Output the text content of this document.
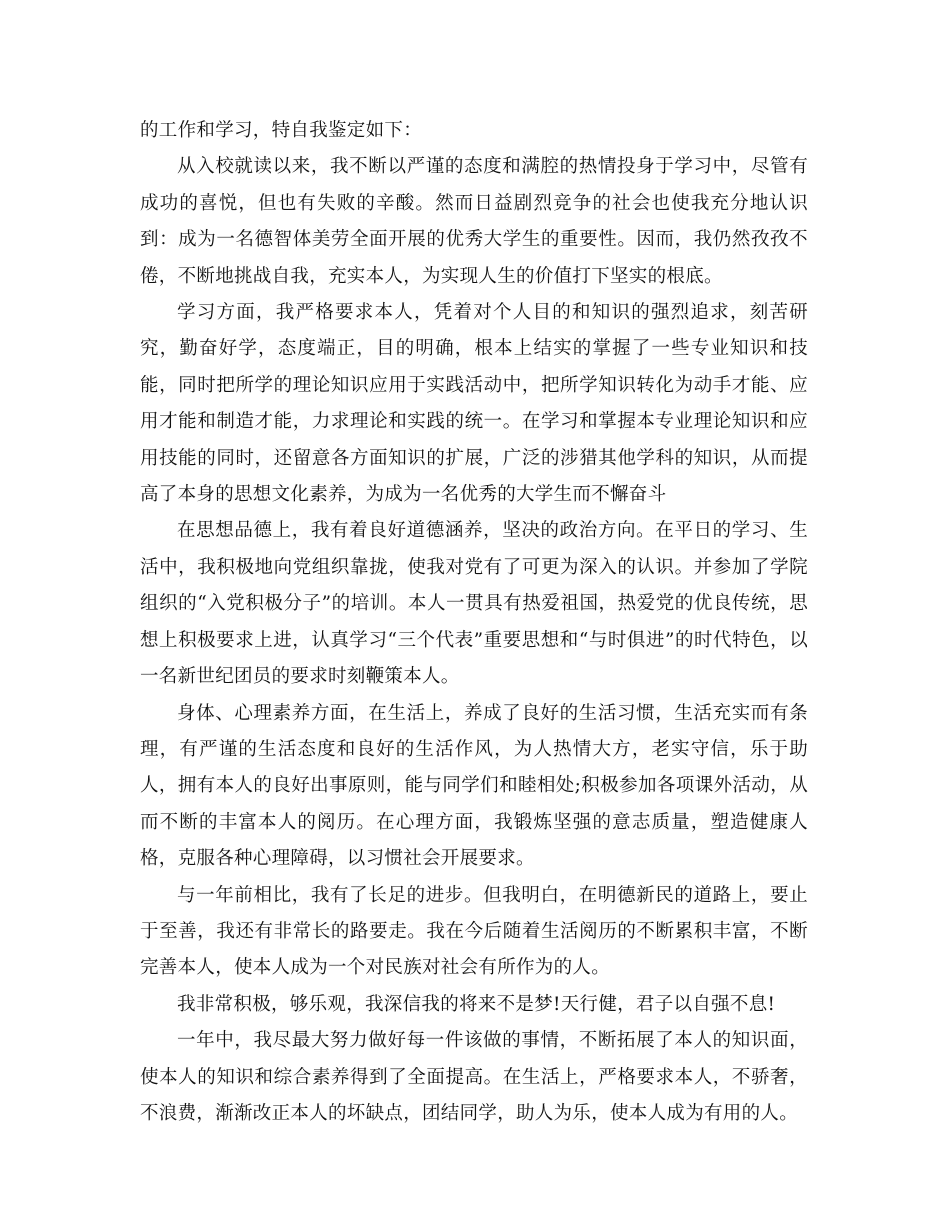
的工作和学习，特自我鉴定如下：

从入校就读以来，我不断以严谨的态度和满腔的热情投身于学习中，尽管有成功的喜悦，但也有失败的辛酸。然而日益剧烈竞争的社会也使我充分地认识到：成为一名德智体美劳全面开展的优秀大学生的重要性。因而，我仍然孜孜不倦，不断地挑战自我，充实本人，为实现人生的价值打下坚实的根底。

学习方面，我严格要求本人，凭着对个人目的和知识的强烈追求，刻苦研究，勤奋好学，态度端正，目的明确，根本上结实的掌握了一些专业知识和技能，同时把所学的理论知识应用于实践活动中，把所学知识转化为动手才能、应用才能和制造才能，力求理论和实践的统一。在学习和掌握本专业理论知识和应用技能的同时，还留意各方面知识的扩展，广泛的涉猎其他学科的知识，从而提高了本身的思想文化素养，为成为一名优秀的大学生而不懈奋斗

在思想品德上，我有着良好道德涵养，坚决的政治方向。在平日的学习、生活中，我积极地向党组织靠拢，使我对党有了可更为深入的认识。并参加了学院组织的“入党积极分子”的培训。本人一贯具有热爱祖国，热爱党的优良传统，思想上积极要求上进，认真学习“三个代表”重要思想和“与时俱进”的时代特色，以一名新世纪团员的要求时刻鞭策本人。

身体、心理素养方面，在生活上，养成了良好的生活习惯，生活充实而有条理，有严谨的生活态度和良好的生活作风，为人热情大方，老实守信，乐于助人，拥有本人的良好出事原则，能与同学们和睦相处;积极参加各项课外活动，从而不断的丰富本人的阅历。在心理方面，我锻炼坚强的意志质量，塑造健康人格，克服各种心理障碍，以习惯社会开展要求。

与一年前相比，我有了长足的进步。但我明白，在明德新民的道路上，要止于至善，我还有非常长的路要走。我在今后随着生活阅历的不断累积丰富，不断完善本人，使本人成为一个对民族对社会有所作为的人。

我非常积极，够乐观，我深信我的将来不是梦!天行健，君子以自强不息!

一年中，我尽最大努力做好每一件该做的事情，不断拓展了本人的知识面，使本人的知识和综合素养得到了全面提高。在生活上，严格要求本人，不骄奢，不浪费，渐渐改正本人的坏缺点，团结同学，助人为乐，使本人成为有用的人。
